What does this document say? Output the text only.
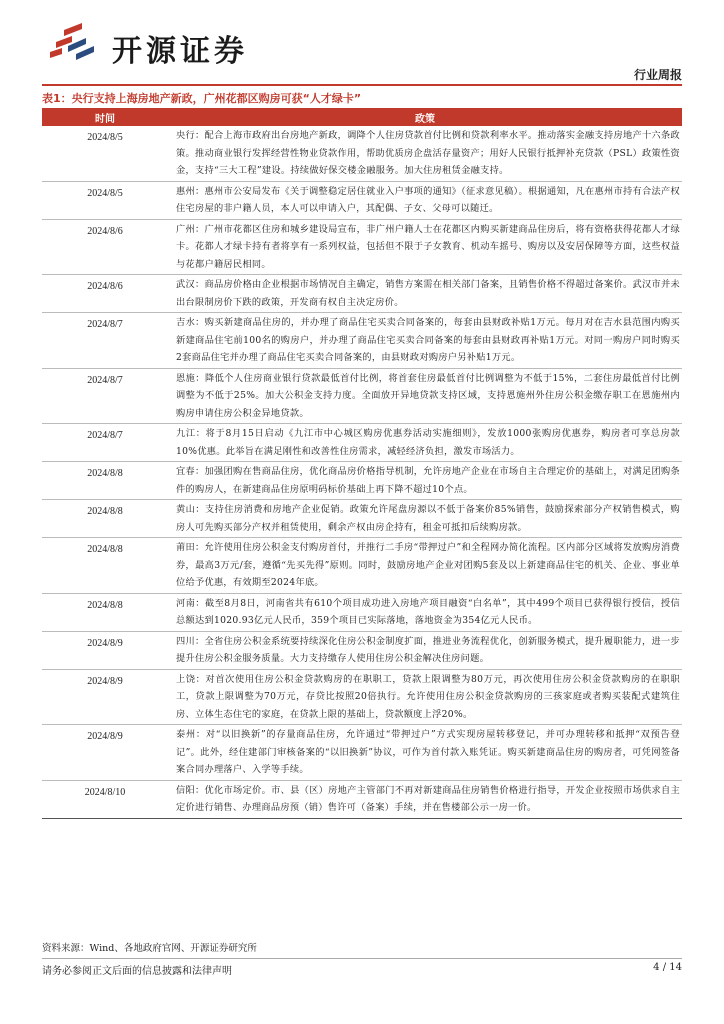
开源证券
行业周报
表1：央行支持上海房地产新政，广州花都区购房可获“人才绿卡”
时间	政策
2024/8/5	央行：配合上海市政府出台房地产新政，调降个人住房贷款首付比例和贷款利率水平。推动落实金融支持房地产十六条政策。推动商业银行发挥经营性物业贷款作用，帮助优质房企盘活存量资产；用好人民银行抵押补充贷款（PSL）政策性资金，支持“三大工程”建设。持续做好保交楼金融服务。加大住房租赁金融支持。
2024/8/5	惠州：惠州市公安局发布《关于调整稳定居住就业入户事项的通知》（征求意见稿）。根据通知，凡在惠州市持有合法产权住宅房屋的非户籍人员，本人可以申请入户，其配偶、子女、父母可以随迁。
2024/8/6	广州：广州市花都区住房和城乡建设局宣布，非广州户籍人士在花都区内购买新建商品住房后，将有资格获得花都人才绿卡。花都人才绿卡持有者将享有一系列权益，包括但不限于子女教育、机动车摇号、购房以及安居保障等方面，这些权益与花都户籍居民相同。
2024/8/6	武汉：商品房价格由企业根据市场情况自主确定，销售方案需在相关部门备案，且销售价格不得超过备案价。武汉市并未出台限制房价下跌的政策，开发商有权自主决定房价。
2024/8/7	吉水：购买新建商品住房的，并办理了商品住宅买卖合同备案的，每套由县财政补贴1万元。每月对在吉水县范围内购买新建商品住宅前100名的购房户，并办理了商品住宅买卖合同备案的每套由县财政再补贴1万元。对同一购房户同时购买2套商品住宅并办理了商品住宅买卖合同备案的，由县财政对购房户另补贴1万元。
2024/8/7	恩施：降低个人住房商业银行贷款最低首付比例，将首套住房最低首付比例调整为不低于15%，二套住房最低首付比例调整为不低于25%。加大公积金支持力度。全面放开异地贷款支持区域，支持恩施州外住房公积金缴存职工在恩施州内购房申请住房公积金异地贷款。
2024/8/7	九江：将于8月15日启动《九江市中心城区购房优惠券活动实施细则》，发放1000张购房优惠券，购房者可享总房款10%优惠。此举旨在满足刚性和改善性住房需求，减轻经济负担，激发市场活力。
2024/8/8	宜春：加强团购在售商品住房，优化商品房价格指导机制，允许房地产企业在市场自主合理定价的基础上，对满足团购条件的购房人，在新建商品住房原明码标价基础上再下降不超过10个点。
2024/8/8	黄山：支持住房消费和房地产企业促销。政策允许尾盘房源以不低于备案价85%销售，鼓励探索部分产权销售模式，购房人可先购买部分产权并租赁使用，剩余产权由房企持有，租金可抵扣后续购房款。
2024/8/8	莆田：允许使用住房公积金支付购房首付，并推行二手房“带押过户”和全程网办简化流程。区内部分区域将发放购房消费券，最高3万元/套，遵循“先买先得”原则。同时，鼓励房地产企业对团购5套及以上新建商品住宅的机关、企业、事业单位给予优惠，有效期至2024年底。
2024/8/8	河南：截至8月8日，河南省共有610个项目成功进入房地产项目融资“白名单”，其中499个项目已获得银行授信，授信总额达到1020.93亿元人民币，359个项目已实际落地，落地资金为354亿元人民币。
2024/8/9	四川：全省住房公积金系统要持续深化住房公积金制度扩面，推进业务流程优化，创新服务模式，提升履职能力，进一步提升住房公积金服务质量。大力支持缴存人使用住房公积金解决住房问题。
2024/8/9	上饶：对首次使用住房公积金贷款购房的在职职工，贷款上限调整为80万元，再次使用住房公积金贷款购房的在职职工，贷款上限调整为70万元，存贷比按照20倍执行。允许使用住房公积金贷款购房的三孩家庭或者购买装配式建筑住房、立体生态住宅的家庭，在贷款上限的基础上，贷款额度上浮20%。
2024/8/9	泰州：对“以旧换新”的存量商品住房，允许通过“带押过户”方式实现房屋转移登记，并可办理转移和抵押“双预告登记”。此外，经住建部门审核备案的“以旧换新”协议，可作为首付款入账凭证。购买新建商品住房的购房者，可凭网签备案合同办理落户、入学等手续。
2024/8/10	信阳：优化市场定价。市、县（区）房地产主管部门不再对新建商品住房销售价格进行指导，开发企业按照市场供求自主定价进行销售、办理商品房预（销）售许可（备案）手续，并在售楼部公示一房一价。
资料来源：Wind、各地政府官网、开源证券研究所
请务必参阅正文后面的信息披露和法律声明	4 / 14
